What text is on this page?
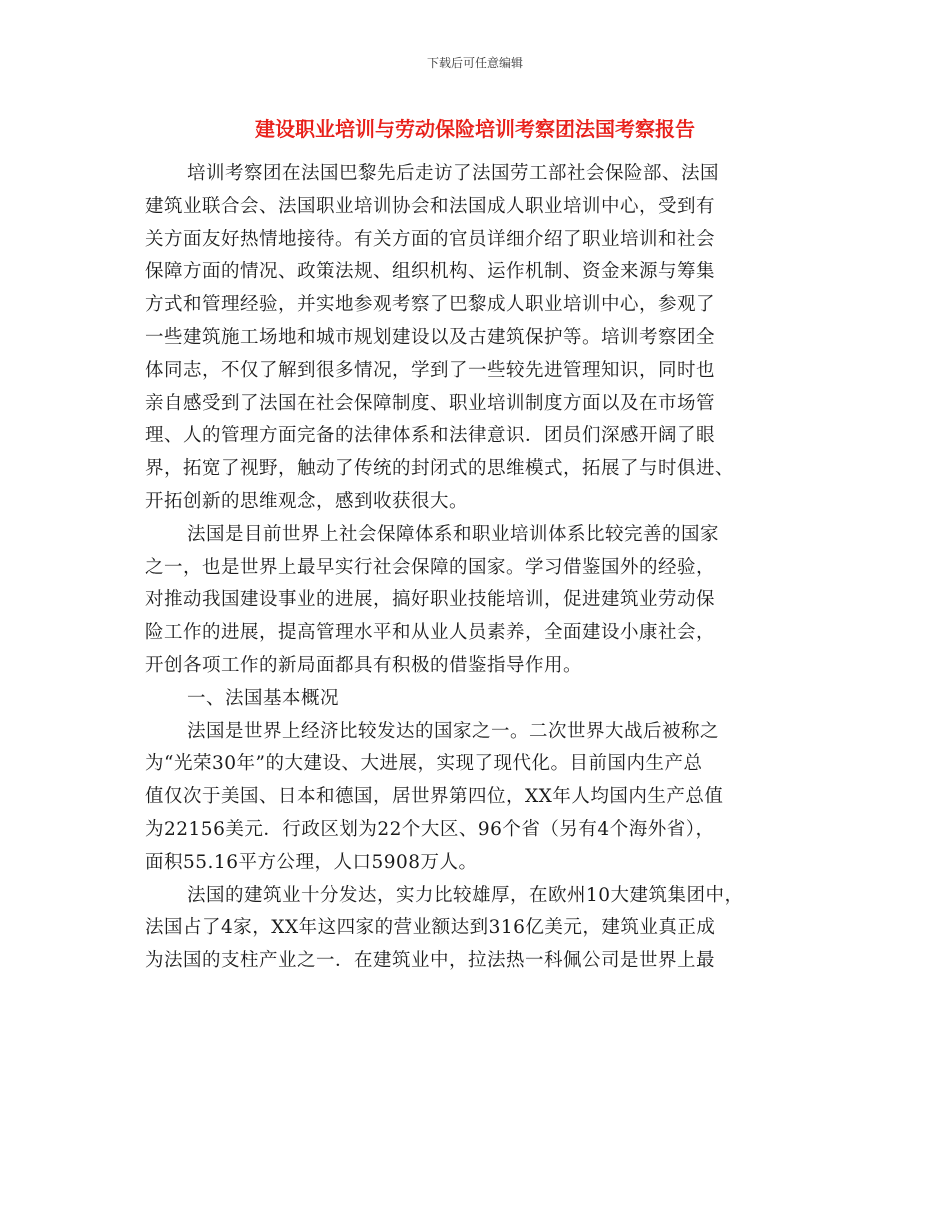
下载后可任意编辑
建设职业培训与劳动保险培训考察团法国考察报告
培训考察团在法国巴黎先后走访了法国劳工部社会保险部、法国
建筑业联合会、法国职业培训协会和法国成人职业培训中心，受到有
关方面友好热情地接待。有关方面的官员详细介绍了职业培训和社会
保障方面的情况、政策法规、组织机构、运作机制、资金来源与筹集
方式和管理经验，并实地参观考察了巴黎成人职业培训中心，参观了
一些建筑施工场地和城市规划建设以及古建筑保护等。培训考察团全
体同志，不仅了解到很多情况，学到了一些较先进管理知识，同时也
亲自感受到了法国在社会保障制度、职业培训制度方面以及在市场管
理、人的管理方面完备的法律体系和法律意识．团员们深感开阔了眼
界，拓宽了视野，触动了传统的封闭式的思维模式，拓展了与时俱进、
开拓创新的思维观念，感到收获很大。
法国是目前世界上社会保障体系和职业培训体系比较完善的国家
之一，也是世界上最早实行社会保障的国家。学习借鉴国外的经验，
对推动我国建设事业的进展，搞好职业技能培训，促进建筑业劳动保
险工作的进展，提高管理水平和从业人员素养，全面建设小康社会，
开创各项工作的新局面都具有积极的借鉴指导作用。
一、法国基本概况
法国是世界上经济比较发达的国家之一。二次世界大战后被称之
为“光荣30年”的大建设、大进展，实现了现代化。目前国内生产总
值仅次于美国、日本和德国，居世界第四位，XX年人均国内生产总值
为22156美元．行政区划为22个大区、96个省（另有4个海外省），
面积55.16平方公理，人口5908万人。
法国的建筑业十分发达，实力比较雄厚，在欧州10大建筑集团中，
法国占了4家，XX年这四家的营业额达到316亿美元，建筑业真正成
为法国的支柱产业之一．在建筑业中，拉法热一科佩公司是世界上最
